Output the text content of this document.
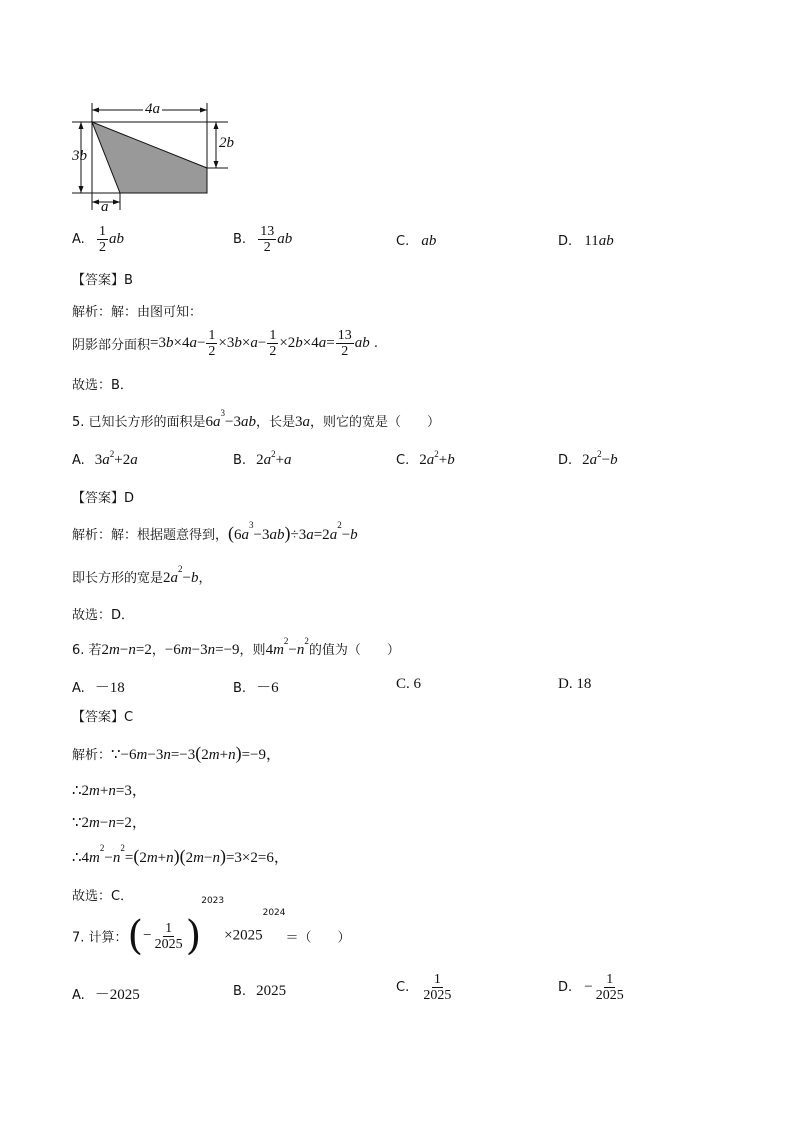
4a
3b
2b
a
A. $\frac{1}{2}$ ab	B. $\frac{13}{2}$ ab	C. ab	D. 11ab
【答案】B
解析：解：由图可知：
阴影部分面积$=3b\times 4a- \frac{1}{2} \times 3b\times a- \frac{1}{2} \times 2b\times 4a= \frac{13}{2}$ ab .
故选：B．
5. 已知长方形的面积是$6a^3-3ab$，长是3a，则它的宽是（　　）
A. $3a^2+2a$	B. $2a^2+a$	C. $2a^2+b$	D. $2a^2-b$
【答案】D
解析：解：根据题意得到，$(6a^3-3ab)\div 3a=2a^2-b$
即长方形的宽是$2a^2-b$，
故选：D．
6. 若2m−n=2，−6m−3n=−9，则$4m^2-n^2$的值为（　　）
A. －18	B. －6	C. 6	D. 18
【答案】C
解析：∵−6m−3n=−3(2m+n)=−9，
∴2m+n=3，
∵2m−n=2，
$\therefore 4m^2-n^2=(2m+n)(2m-n)=3\times 2=6$，
故选：C．
7. 计算：(− $\frac{1}{2025} )^{2023}\times 2025^{2024}=$（　　）
A. －2025	B. 2025	C. $\frac{1}{2025}$	D. − $\frac{1}{2025}$
